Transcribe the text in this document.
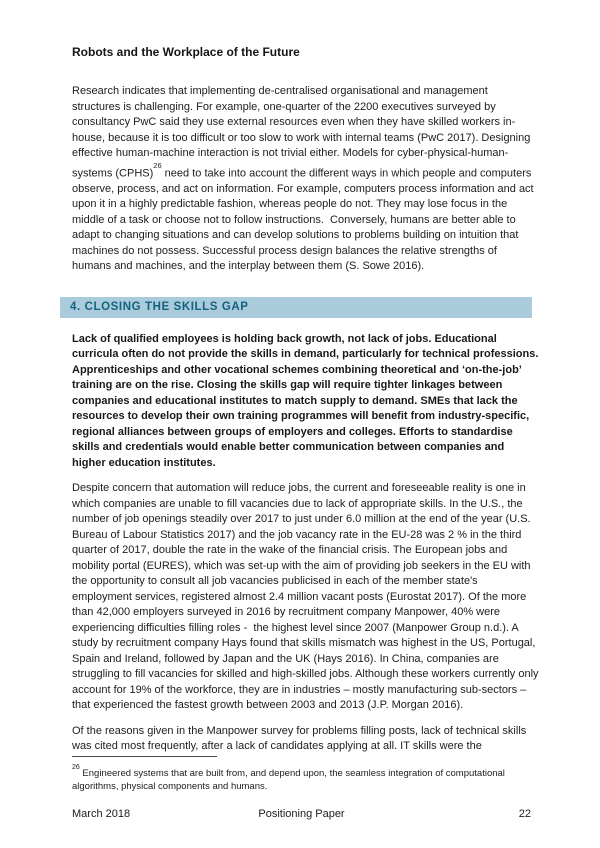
Robots and the Workplace of the Future

Research indicates that implementing de-centralised organisational and management structures is challenging. For example, one-quarter of the 2200 executives surveyed by consultancy PwC said they use external resources even when they have skilled workers in-house, because it is too difficult or too slow to work with internal teams (PwC 2017). Designing effective human-machine interaction is not trivial either. Models for cyber-physical-human-systems (CPHS)$^{26}$ need to take into account the different ways in which people and computers observe, process, and act on information. For example, computers process information and act upon it in a highly predictable fashion, whereas people do not. They may lose focus in the middle of a task or choose not to follow instructions.  Conversely, humans are better able to adapt to changing situations and can develop solutions to problems building on intuition that machines do not possess. Successful process design balances the relative strengths of humans and machines, and the interplay between them (S. Sowe 2016).

4. CLOSING THE SKILLS GAP

Lack of qualified employees is holding back growth, not lack of jobs. Educational curricula often do not provide the skills in demand, particularly for technical professions. Apprenticeships and other vocational schemes combining theoretical and ‘on-the-job’ training are on the rise. Closing the skills gap will require tighter linkages between companies and educational institutes to match supply to demand. SMEs that lack the resources to develop their own training programmes will benefit from industry-specific, regional alliances between groups of employers and colleges. Efforts to standardise skills and credentials would enable better communication between companies and higher education institutes.

Despite concern that automation will reduce jobs, the current and foreseeable reality is one in which companies are unable to fill vacancies due to lack of appropriate skills. In the U.S., the number of job openings steadily over 2017 to just under 6.0 million at the end of the year (U.S. Bureau of Labour Statistics 2017) and the job vacancy rate in the EU-28 was 2 % in the third quarter of 2017, double the rate in the wake of the financial crisis. The European jobs and mobility portal (EURES), which was set-up with the aim of providing job seekers in the EU with the opportunity to consult all job vacancies publicised in each of the member state's employment services, registered almost 2.4 million vacant posts (Eurostat 2017). Of the more than 42,000 employers surveyed in 2016 by recruitment company Manpower, 40% were experiencing difficulties filling roles -  the highest level since 2007 (Manpower Group n.d.). A study by recruitment company Hays found that skills mismatch was highest in the US, Portugal, Spain and Ireland, followed by Japan and the UK (Hays 2016). In China, companies are struggling to fill vacancies for skilled and high-skilled jobs. Although these workers currently only account for 19% of the workforce, they are in industries – mostly manufacturing sub-sectors – that experienced the fastest growth between 2003 and 2013 (J.P. Morgan 2016).

Of the reasons given in the Manpower survey for problems filling posts, lack of technical skills was cited most frequently, after a lack of candidates applying at all. IT skills were the

$^{26}$ Engineered systems that are built from, and depend upon, the seamless integration of computational algorithms, physical components and humans.

March 2018	Positioning Paper	22
